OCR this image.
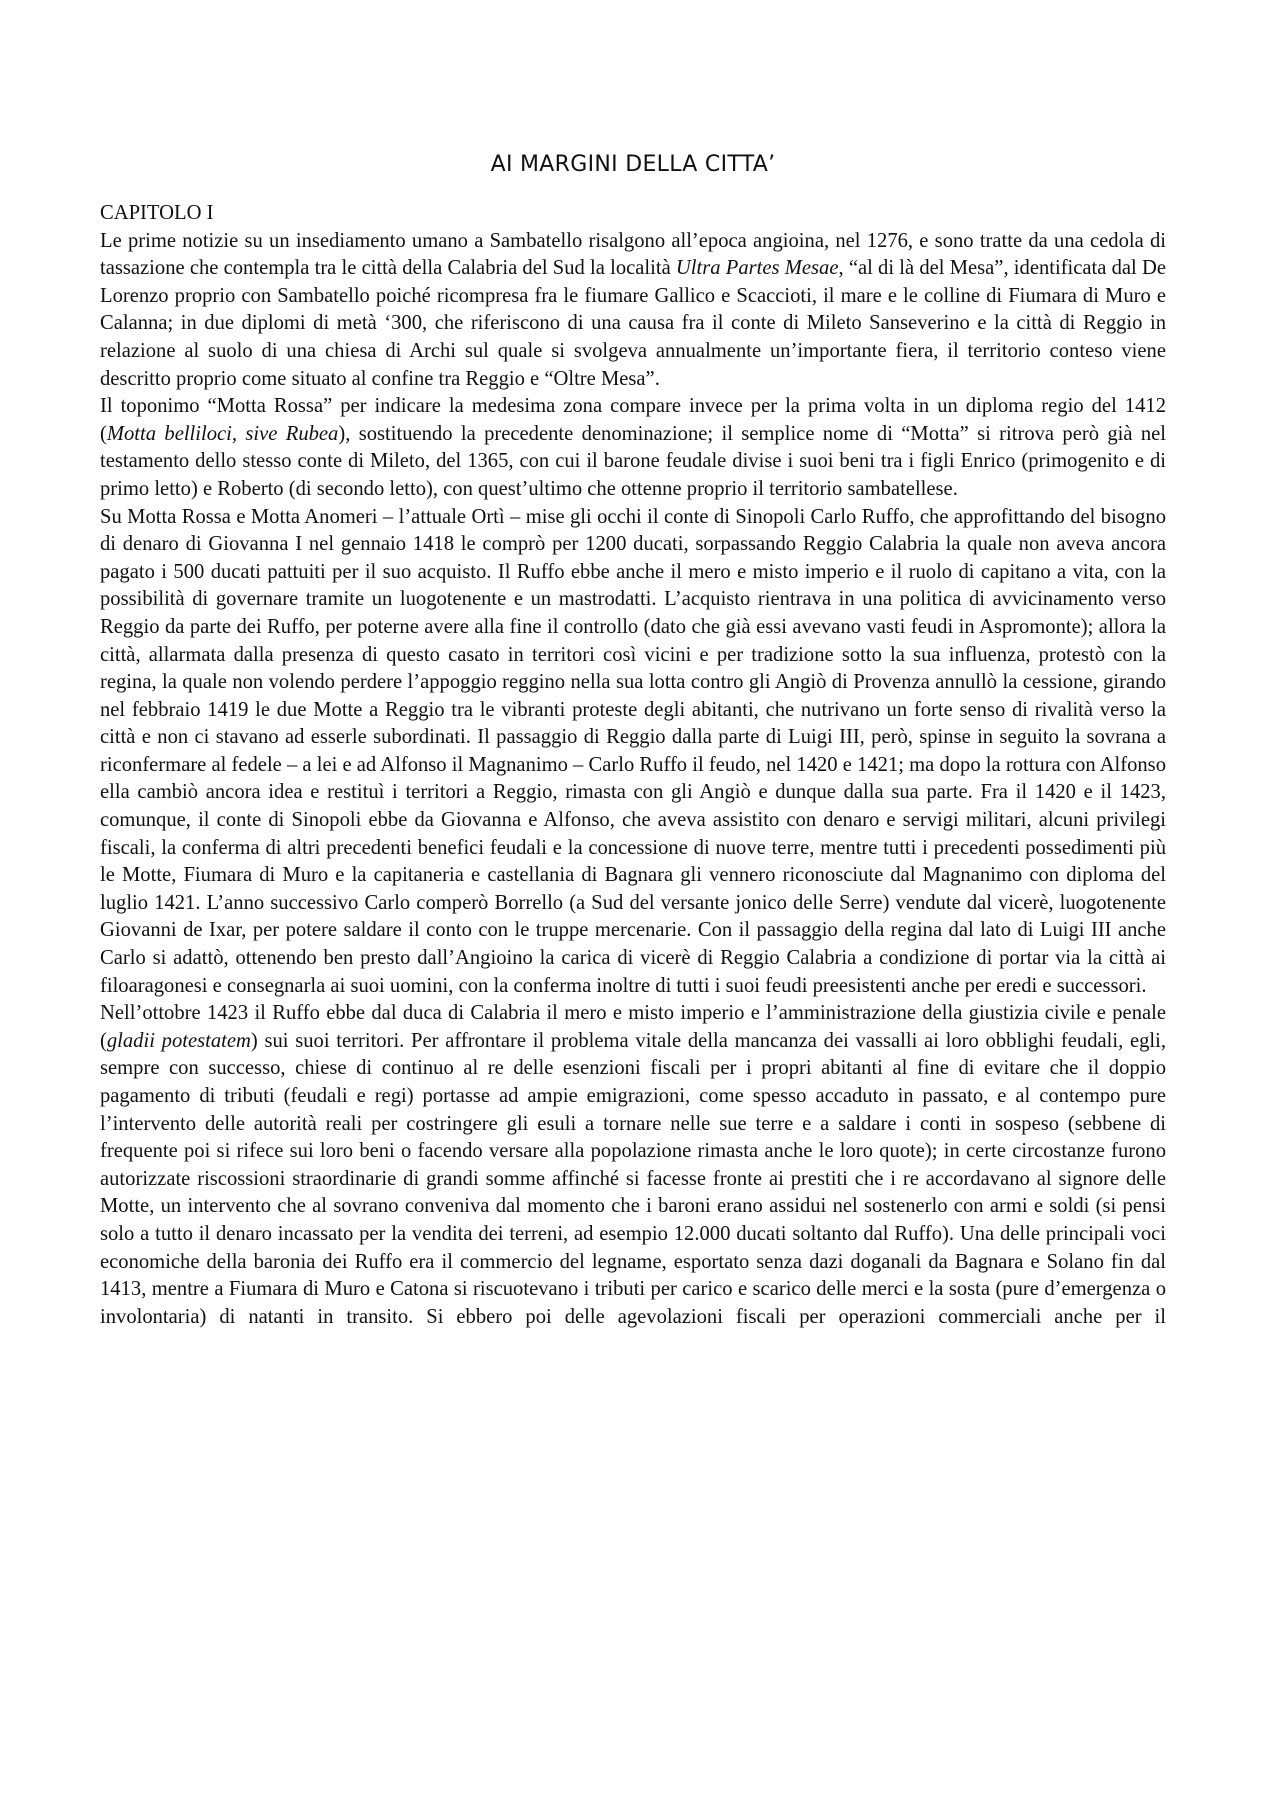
AI MARGINI DELLA CITTA’
CAPITOLO I

Le prime notizie su un insediamento umano a Sambatello risalgono all’epoca angioina, nel 1276, e sono tratte da una cedola di tassazione che contempla tra le città della Calabria del Sud la località Ultra Partes Mesae, “al di là del Mesa”, identificata dal De Lorenzo proprio con Sambatello poiché ricompresa fra le fiumare Gallico e Scaccioti, il mare e le colline di Fiumara di Muro e Calanna; in due diplomi di metà ‘300, che riferiscono di una causa fra il conte di Mileto Sanseverino e la città di Reggio in relazione al suolo di una chiesa di Archi sul quale si svolgeva annualmente un’importante fiera, il territorio conteso viene descritto proprio come situato al confine tra Reggio e “Oltre Mesa”.

Il toponimo “Motta Rossa” per indicare la medesima zona compare invece per la prima volta in un diploma regio del 1412 (Motta belliloci, sive Rubea), sostituendo la precedente denominazione; il semplice nome di “Motta” si ritrova però già nel testamento dello stesso conte di Mileto, del 1365, con cui il barone feudale divise i suoi beni tra i figli Enrico (primogenito e di primo letto) e Roberto (di secondo letto), con quest’ultimo che ottenne proprio il territorio sambatellese.

Su Motta Rossa e Motta Anomeri – l’attuale Ortì – mise gli occhi il conte di Sinopoli Carlo Ruffo, che approfittando del bisogno di denaro di Giovanna I nel gennaio 1418 le comprò per 1200 ducati, sorpassando Reggio Calabria la quale non aveva ancora pagato i 500 ducati pattuiti per il suo acquisto. Il Ruffo ebbe anche il mero e misto imperio e il ruolo di capitano a vita, con la possibilità di governare tramite un luogotenente e un mastrodatti. L’acquisto rientrava in una politica di avvicinamento verso Reggio da parte dei Ruffo, per poterne avere alla fine il controllo (dato che già essi avevano vasti feudi in Aspromonte); allora la città, allarmata dalla presenza di questo casato in territori così vicini e per tradizione sotto la sua influenza, protestò con la regina, la quale non volendo perdere l’appoggio reggino nella sua lotta contro gli Angiò di Provenza annullò la cessione, girando nel febbraio 1419 le due Motte a Reggio tra le vibranti proteste degli abitanti, che nutrivano un forte senso di rivalità verso la città e non ci stavano ad esserle subordinati. Il passaggio di Reggio dalla parte di Luigi III, però, spinse in seguito la sovrana a riconfermare al fedele – a lei e ad Alfonso il Magnanimo – Carlo Ruffo il feudo, nel 1420 e 1421; ma dopo la rottura con Alfonso ella cambiò ancora idea e restituì i territori a Reggio, rimasta con gli Angiò e dunque dalla sua parte. Fra il 1420 e il 1423, comunque, il conte di Sinopoli ebbe da Giovanna e Alfonso, che aveva assistito con denaro e servigi militari, alcuni privilegi fiscali, la conferma di altri precedenti benefici feudali e la concessione di nuove terre, mentre tutti i precedenti possedimenti più le Motte, Fiumara di Muro e la capitaneria e castellania di Bagnara gli vennero riconosciute dal Magnanimo con diploma del luglio 1421. L’anno successivo Carlo comperò Borrello (a Sud del versante jonico delle Serre) vendute dal vicerè, luogotenente Giovanni de Ixar, per potere saldare il conto con le truppe mercenarie. Con il passaggio della regina dal lato di Luigi III anche Carlo si adattò, ottenendo ben presto dall’Angioino la carica di vicerè di Reggio Calabria a condizione di portar via la città ai filoaragonesi e consegnarla ai suoi uomini, con la conferma inoltre di tutti i suoi feudi preesistenti anche per eredi e successori.

Nell’ottobre 1423 il Ruffo ebbe dal duca di Calabria il mero e misto imperio e l’amministrazione della giustizia civile e penale (gladii potestatem) sui suoi territori. Per affrontare il problema vitale della mancanza dei vassalli ai loro obblighi feudali, egli, sempre con successo, chiese di continuo al re delle esenzioni fiscali per i propri abitanti al fine di evitare che il doppio pagamento di tributi (feudali e regi) portasse ad ampie emigrazioni, come spesso accaduto in passato, e al contempo pure l’intervento delle autorità reali per costringere gli esuli a tornare nelle sue terre e a saldare i conti in sospeso (sebbene di frequente poi si rifece sui loro beni o facendo versare alla popolazione rimasta anche le loro quote); in certe circostanze furono autorizzate riscossioni straordinarie di grandi somme affinché si facesse fronte ai prestiti che i re accordavano al signore delle Motte, un intervento che al sovrano conveniva dal momento che i baroni erano assidui nel sostenerlo con armi e soldi (si pensi solo a tutto il denaro incassato per la vendita dei terreni, ad esempio 12.000 ducati soltanto dal Ruffo). Una delle principali voci economiche della baronia dei Ruffo era il commercio del legname, esportato senza dazi doganali da Bagnara e Solano fin dal 1413, mentre a Fiumara di Muro e Catona si riscuotevano i tributi per carico e scarico delle merci e la sosta (pure d’emergenza o involontaria) di natanti in transito. Si ebbero poi delle agevolazioni fiscali per operazioni commerciali anche per il
